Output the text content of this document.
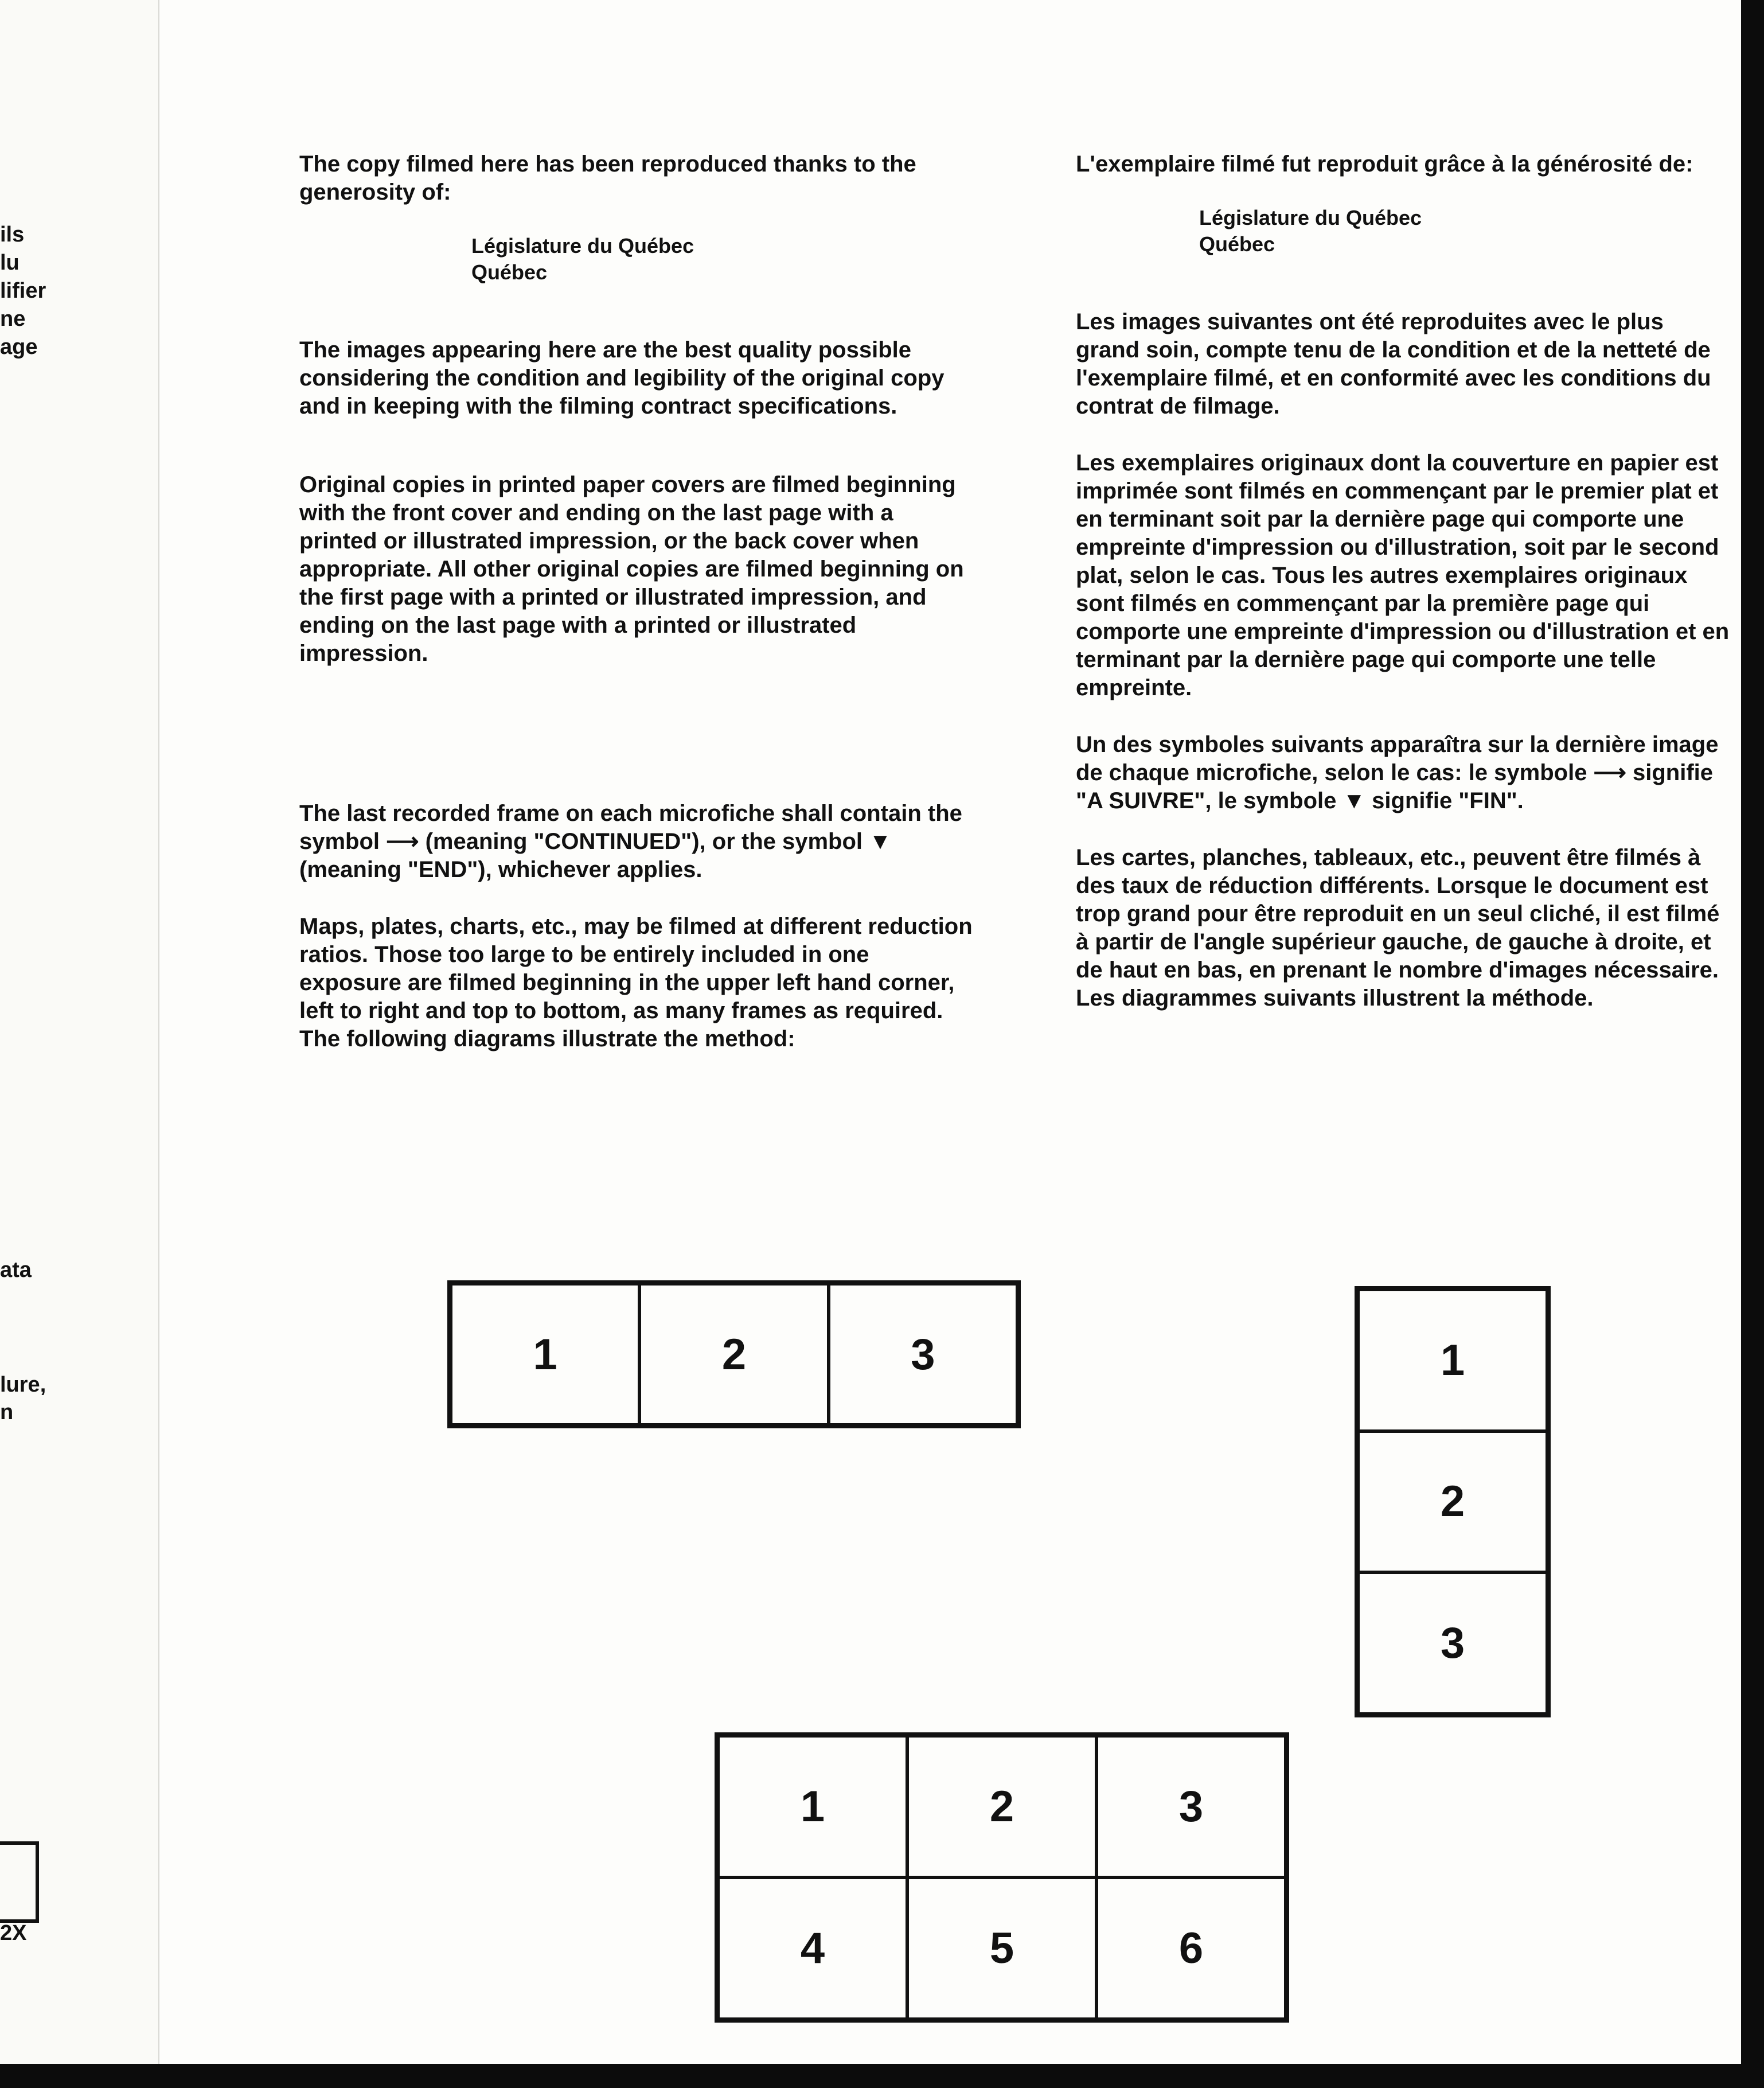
ils
lu
lifier
ne
age
ata
lure,
n
2X

The copy filmed here has been reproduced thanks to the generosity of:

Législature du Québec
Québec

The images appearing here are the best quality possible considering the condition and legibility of the original copy and in keeping with the filming contract specifications.

Original copies in printed paper covers are filmed beginning with the front cover and ending on the last page with a printed or illustrated impression, or the back cover when appropriate. All other original copies are filmed beginning on the first page with a printed or illustrated impression, and ending on the last page with a printed or illustrated impression.

The last recorded frame on each microfiche shall contain the symbol ⟶ (meaning "CONTINUED"), or the symbol ▼ (meaning "END"), whichever applies.

Maps, plates, charts, etc., may be filmed at different reduction ratios. Those too large to be entirely included in one exposure are filmed beginning in the upper left hand corner, left to right and top to bottom, as many frames as required. The following diagrams illustrate the method:

L'exemplaire filmé fut reproduit grâce à la générosité de:

Législature du Québec
Québec

Les images suivantes ont été reproduites avec le plus grand soin, compte tenu de la condition et de la netteté de l'exemplaire filmé, et en conformité avec les conditions du contrat de filmage.

Les exemplaires originaux dont la couverture en papier est imprimée sont filmés en commençant par le premier plat et en terminant soit par la dernière page qui comporte une empreinte d'impression ou d'illustration, soit par le second plat, selon le cas. Tous les autres exemplaires originaux sont filmés en commençant par la première page qui comporte une empreinte d'impression ou d'illustration et en terminant par la dernière page qui comporte une telle empreinte.

Un des symboles suivants apparaîtra sur la dernière image de chaque microfiche, selon le cas: le symbole ⟶ signifie "A SUIVRE", le symbole ▼ signifie "FIN".

Les cartes, planches, tableaux, etc., peuvent être filmés à des taux de réduction différents. Lorsque le document est trop grand pour être reproduit en un seul cliché, il est filmé à partir de l'angle supérieur gauche, de gauche à droite, et de haut en bas, en prenant le nombre d'images nécessaire. Les diagrammes suivants illustrent la méthode.

1	2	3	1
2
3
1	2	3
4	5	6
